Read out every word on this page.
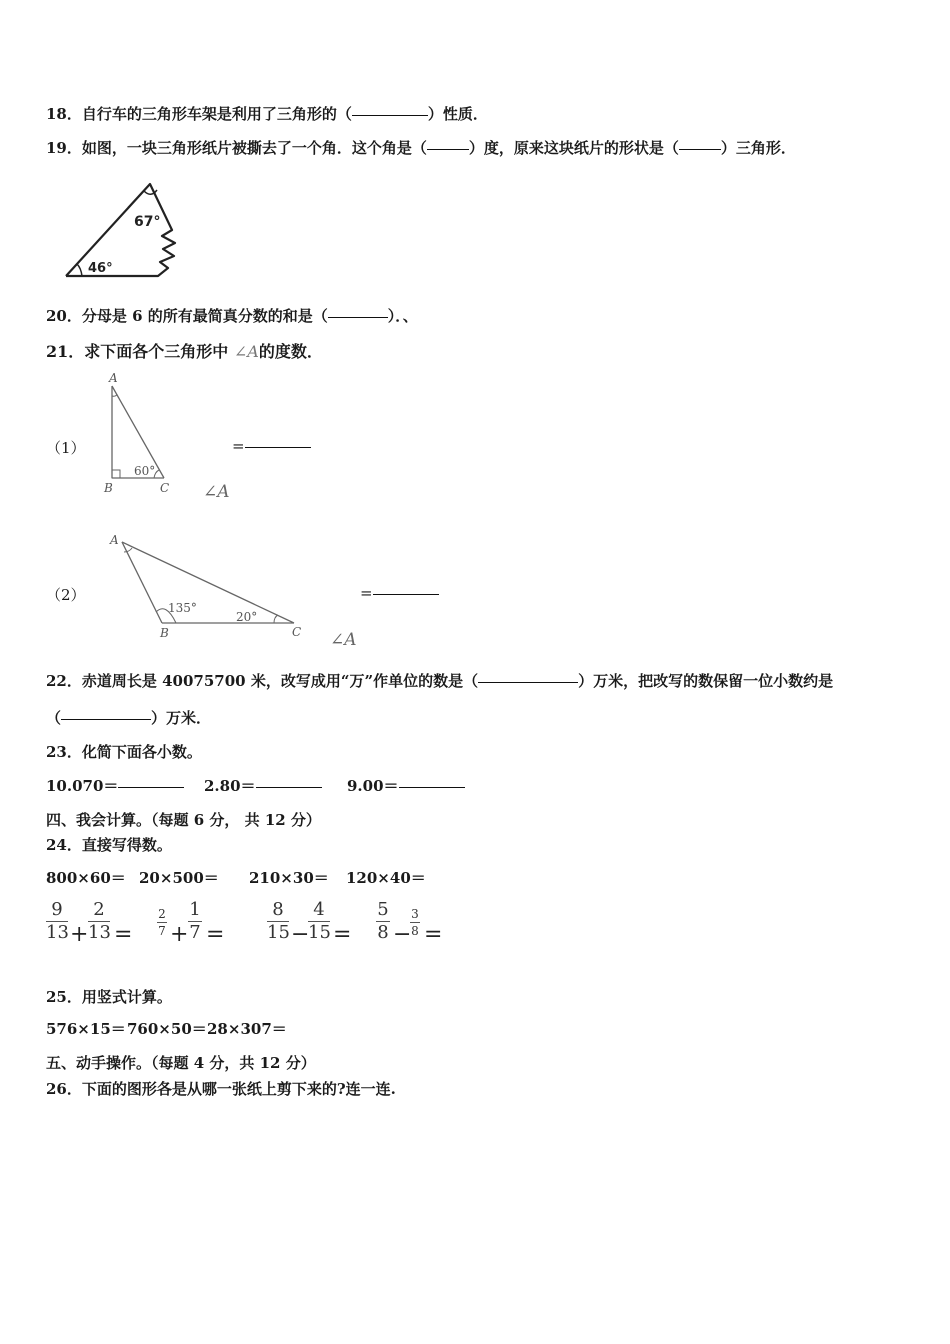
18．自行车的三角形车架是利用了三角形的（	）性质．
19．如图，一块三角形纸片被撕去了一个角．这个角是（	）度，原来这块纸片的形状是（	）三角形．
67°
46°
20．分母是 6 的所有最简真分数的和是（	）．、
21．求下面各个三角形中 ∠A的度数．
（1）
A
B	C
60°
=
∠A
（2）
A
B	C
135°
20°
=
∠A
22．赤道周长是 40075700 米，改写成用“万”作单位的数是（	）万米，把改写的数保留一位小数约是
（	）万米．
23．化简下面各小数。
10.070＝	2.80＝	9.00＝
四、我会计算。（每题 6 分， 共 12 分）
24．直接写得数。
800×60＝ 20×500＝ 210×30＝ 120×40＝
9
13 +
2
13 =
2
7 +
1
7 =
8
15 −
4
15 =
5
8 −
3
8 =
25．用竖式计算。
576×15＝ 760×50＝ 28×307＝
五、动手操作。（每题 4 分，共 12 分）
26．下面的图形各是从哪一张纸上剪下来的?连一连.
